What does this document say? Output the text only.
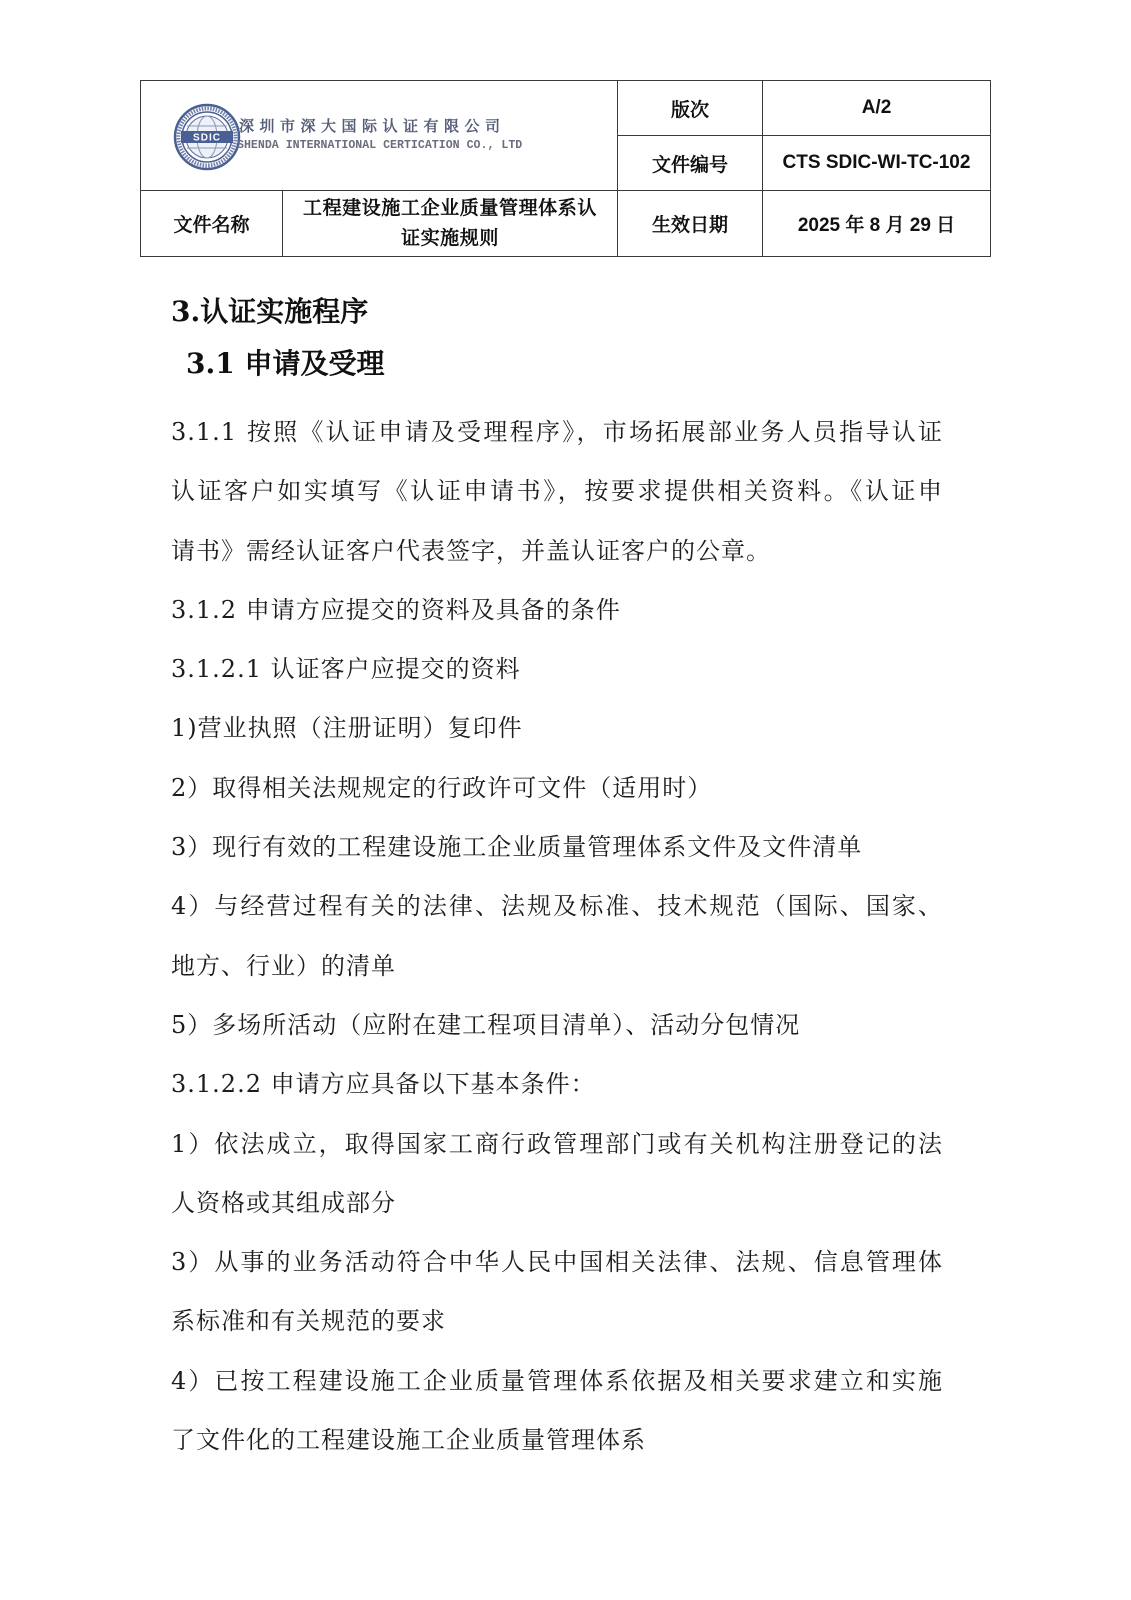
SDIC
深圳市深大国际认证有限公司
SHENDA INTERNATIONAL CERTICATION CO., LTD		版次	A/2
		文件编号	CTS SDIC-WI-TC-102
文件名称	工程建设施工企业质量管理体系认证实施规则	生效日期	2025 年 8 月 29 日
3.认证实施程序
3.1 申请及受理
3.1.1 按照《认证申请及受理程序》，市场拓展部业务人员指导认证
认证客户如实填写《认证申请书》，按要求提供相关资料。《认证申
请书》需经认证客户代表签字，并盖认证客户的公章。
3.1.2 申请方应提交的资料及具备的条件
3.1.2.1 认证客户应提交的资料
1)营业执照（注册证明）复印件
2）取得相关法规规定的行政许可文件（适用时）
3）现行有效的工程建设施工企业质量管理体系文件及文件清单
4）与经营过程有关的法律、法规及标准、技术规范（国际、国家、
地方、行业）的清单
5）多场所活动（应附在建工程项目清单）、活动分包情况
3.1.2.2 申请方应具备以下基本条件：
1）依法成立，取得国家工商行政管理部门或有关机构注册登记的法
人资格或其组成部分
3）从事的业务活动符合中华人民中国相关法律、法规、信息管理体
系标准和有关规范的要求
4）已按工程建设施工企业质量管理体系依据及相关要求建立和实施
了文件化的工程建设施工企业质量管理体系
